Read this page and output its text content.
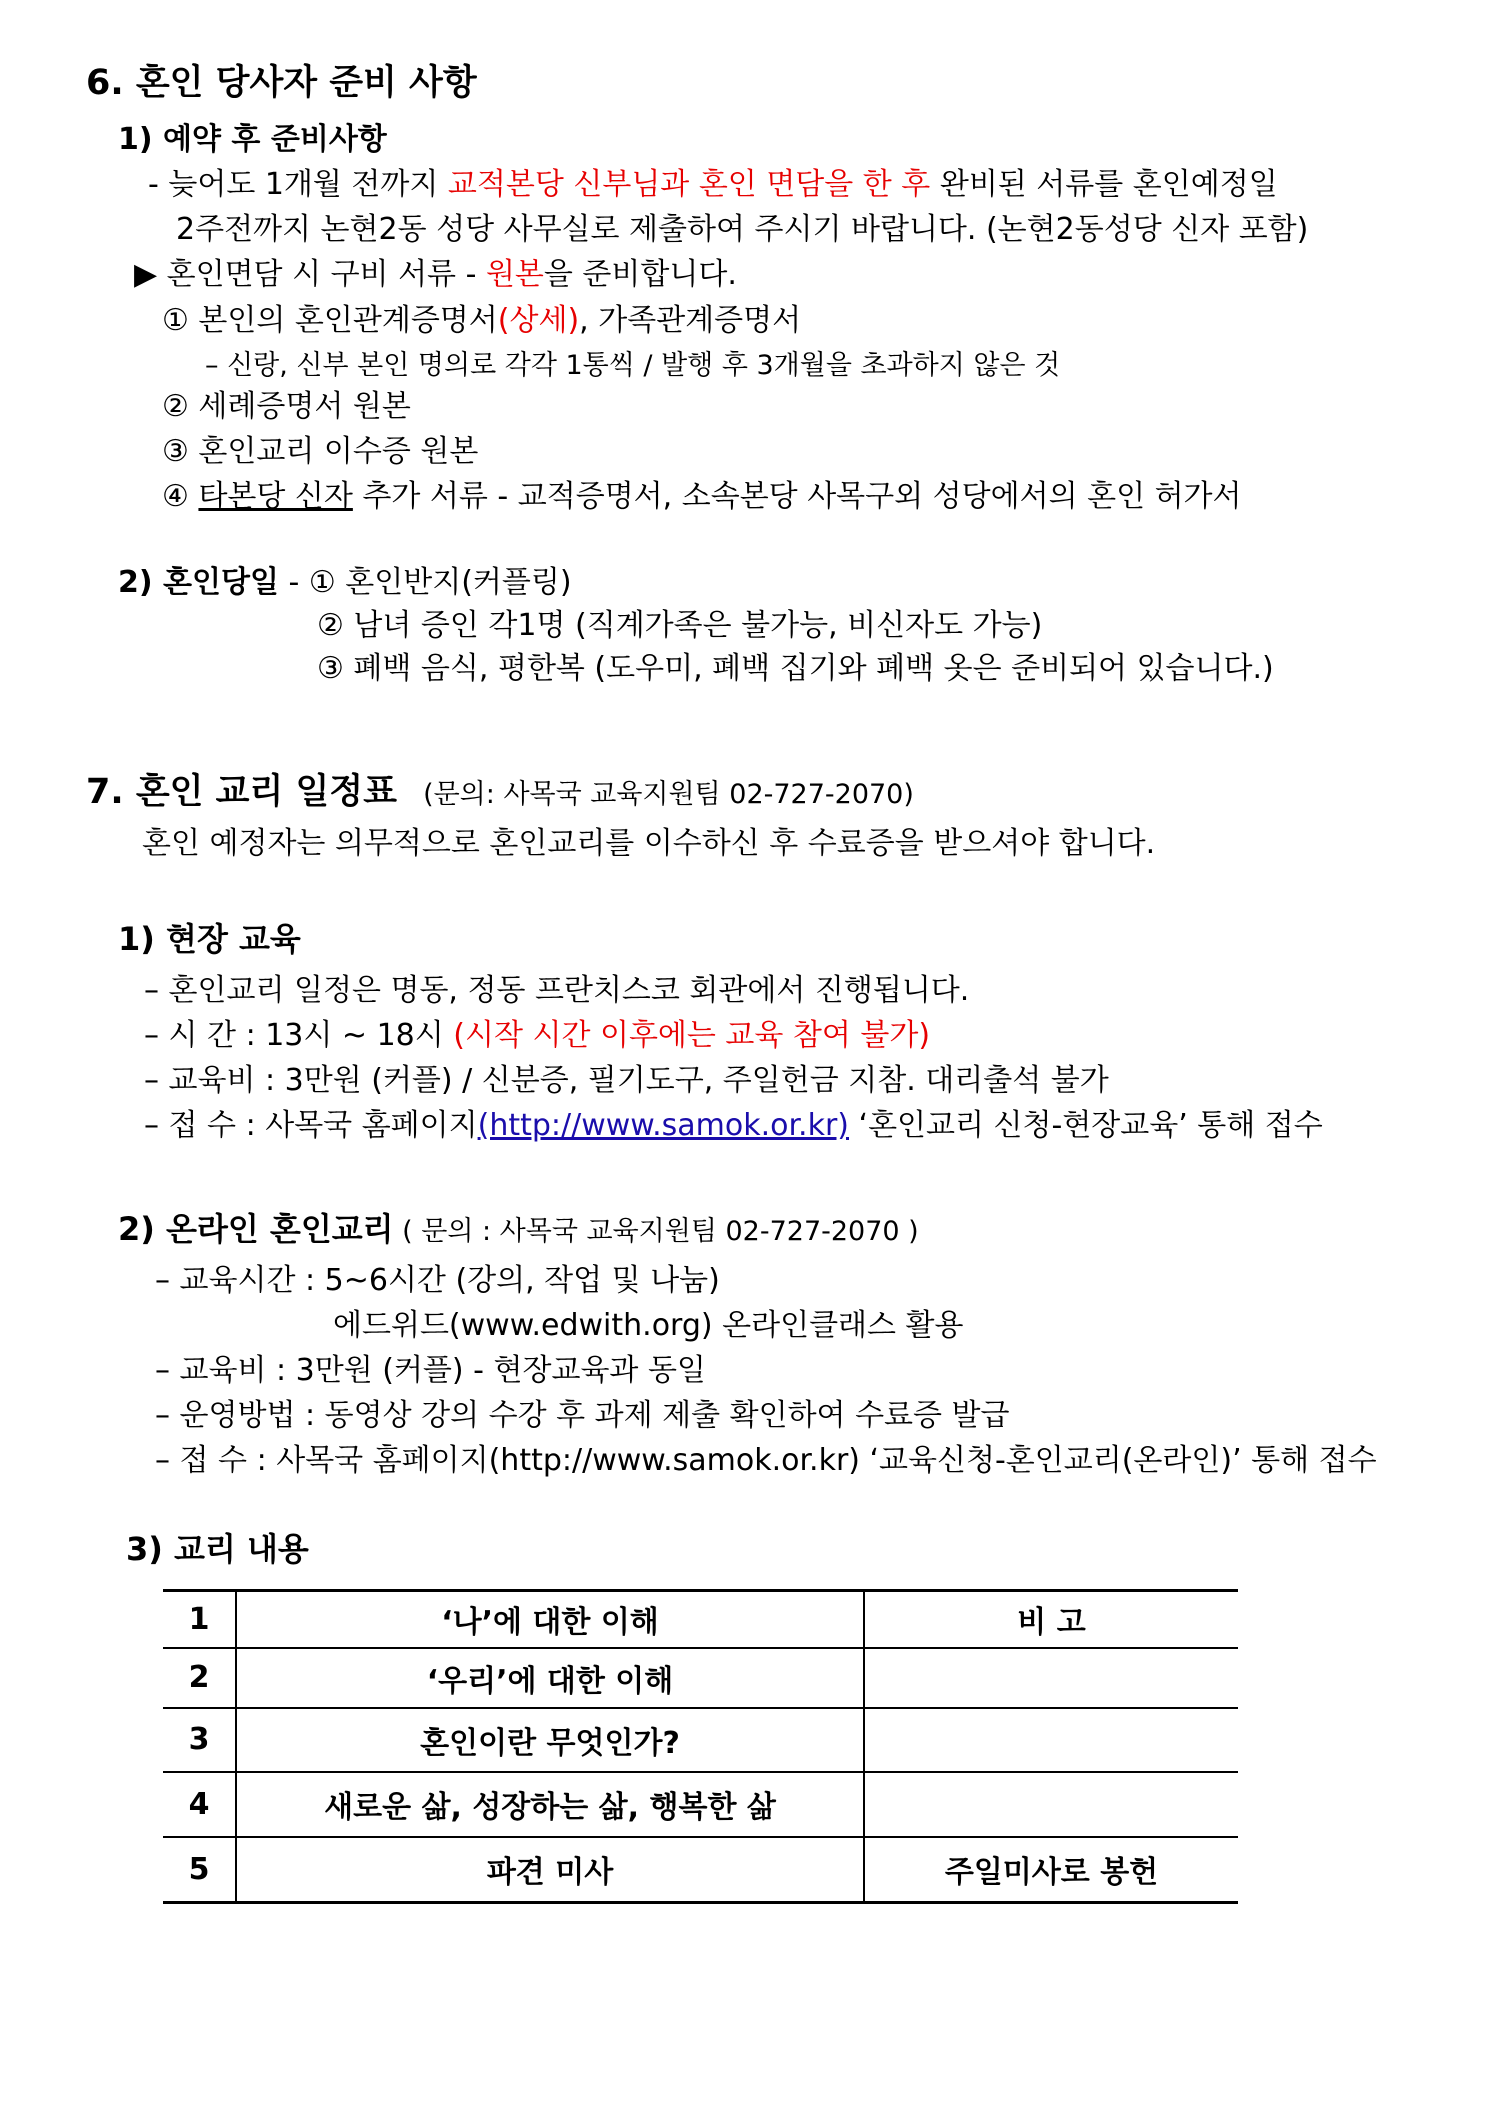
6. 혼인 당사자 준비 사항
1) 예약 후 준비사항
- 늦어도 1개월 전까지 교적본당 신부님과 혼인 면담을 한 후 완비된 서류를 혼인예정일
2주전까지 논현2동 성당 사무실로 제출하여 주시기 바랍니다. (논현2동성당 신자 포함)
▶ 혼인면담 시 구비 서류 - 원본을 준비합니다.
① 본인의 혼인관계증명서(상세), 가족관계증명서
– 신랑, 신부 본인 명의로 각각 1통씩 / 발행 후 3개월을 초과하지 않은 것
② 세례증명서 원본
③ 혼인교리 이수증 원본
④ 타본당 신자 추가 서류 - 교적증명서, 소속본당 사목구외 성당에서의 혼인 허가서
2) 혼인당일 - ① 혼인반지(커플링)
② 남녀 증인 각1명 (직계가족은 불가능, 비신자도 가능)
③ 폐백 음식, 평한복 (도우미, 폐백 집기와 폐백 옷은 준비되어 있습니다.)
7. 혼인 교리 일정표 (문의: 사목국 교육지원팀 02-727-2070)
혼인 예정자는 의무적으로 혼인교리를 이수하신 후 수료증을 받으셔야 합니다.
1) 현장 교육
– 혼인교리 일정은 명동, 정동 프란치스코 회관에서 진행됩니다.
– 시 간 : 13시 ~ 18시 (시작 시간 이후에는 교육 참여 불가)
– 교육비 : 3만원 (커플) / 신분증, 필기도구, 주일헌금 지참. 대리출석 불가
– 접 수 : 사목국 홈페이지(http://www.samok.or.kr) ‘혼인교리 신청-현장교육’ 통해 접수
2) 온라인 혼인교리 ( 문의 : 사목국 교육지원팀 02-727-2070 )
– 교육시간 : 5~6시간 (강의, 작업 및 나눔)
에드위드(www.edwith.org) 온라인클래스 활용
– 교육비 : 3만원 (커플) - 현장교육과 동일
– 운영방법 : 동영상 강의 수강 후 과제 제출 확인하여 수료증 발급
– 접 수 : 사목국 홈페이지(http://www.samok.or.kr) ‘교육신청-혼인교리(온라인)’ 통해 접수
3) 교리 내용
1	‘나’에 대한 이해	비 고
2	‘우리’에 대한 이해	
3	혼인이란 무엇인가?	
4	새로운 삶, 성장하는 삶, 행복한 삶	
5	파견 미사	주일미사로 봉헌
